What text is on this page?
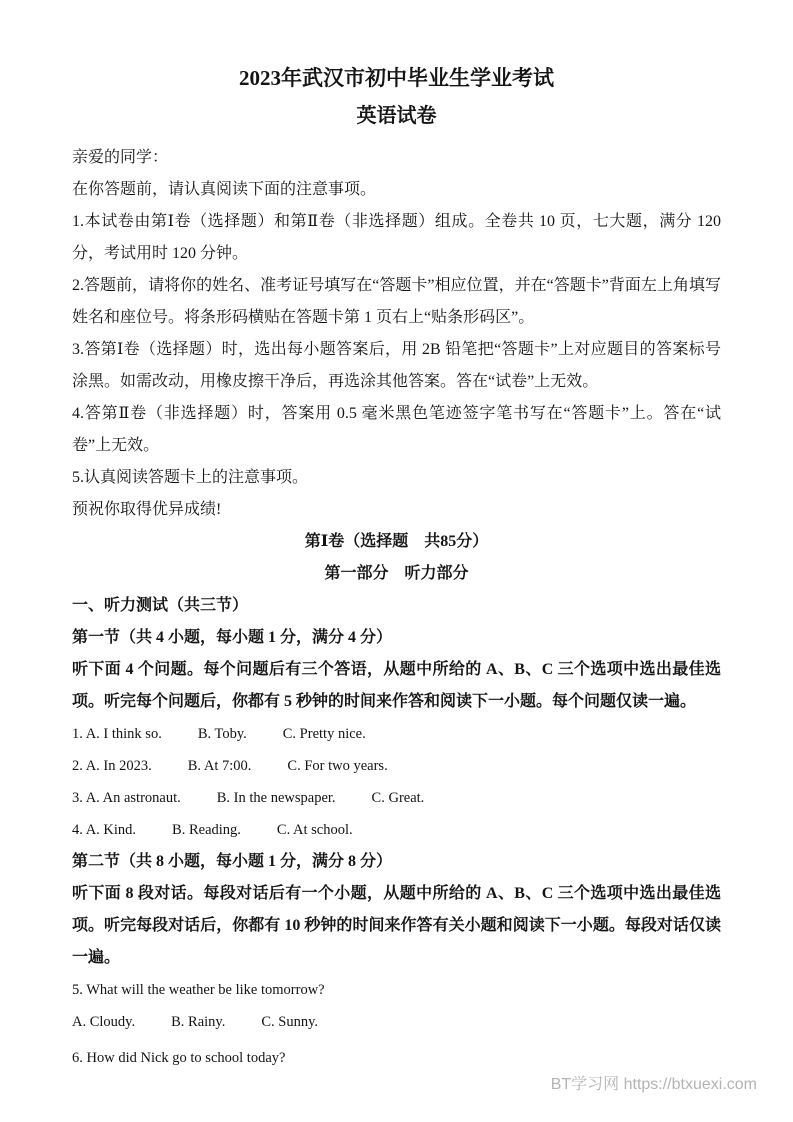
2023年武汉市初中毕业生学业考试
英语试卷

亲爱的同学：

在你答题前，请认真阅读下面的注意事项。

1.本试卷由第Ⅰ卷（选择题）和第Ⅱ卷（非选择题）组成。全卷共 10 页，七大题，满分 120 分，考试用时 120 分钟。

2.答题前，请将你的姓名、准考证号填写在“答题卡”相应位置，并在“答题卡”背面左上角填写姓名和座位号。将条形码横贴在答题卡第 1 页右上“贴条形码区”。

3.答第Ⅰ卷（选择题）时，选出每小题答案后，用 2B 铅笔把“答题卡”上对应题目的答案标号涂黑。如需改动，用橡皮擦干净后，再选涂其他答案。答在“试卷”上无效。

4.答第Ⅱ卷（非选择题）时，答案用 0.5 毫米黑色笔迹签字笔书写在“答题卡”上。答在“试卷”上无效。

5.认真阅读答题卡上的注意事项。

预祝你取得优异成绩!

第Ⅰ卷（选择题　共85分）

第一部分　听力部分

一、听力测试（共三节）

第一节（共 4 小题，每小题 1 分，满分 4 分）

听下面 4 个问题。每个问题后有三个答语，从题中所给的 A、B、C 三个选项中选出最佳选项。听完每个问题后，你都有 5 秒钟的时间来作答和阅读下一小题。每个问题仅读一遍。

1. A. I think so. B. Toby. C. Pretty nice.
2. A. In 2023. B. At 7:00. C. For two years.
3. A. An astronaut. B. In the newspaper. C. Great.
4. A. Kind. B. Reading. C. At school.

第二节（共 8 小题，每小题 1 分，满分 8 分）

听下面 8 段对话。每段对话后有一个小题，从题中所给的 A、B、C 三个选项中选出最佳选项。听完每段对话后，你都有 10 秒钟的时间来作答有关小题和阅读下一小题。每段对话仅读一遍。

5. What will the weather be like tomorrow?

A. Cloudy. B. Rainy. C. Sunny.

6. How did Nick go to school today?

BT学习网 https://btxuexi.com
